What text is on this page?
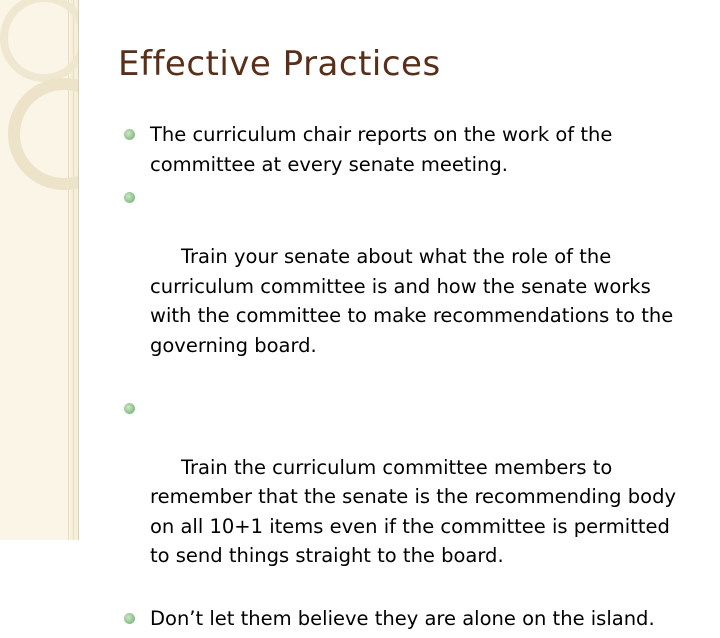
Effective Practices
The curriculum chair reports on the work of the committee at every senate meeting.

Train your senate about what the role of the curriculum committee is and how the senate works with the committee to make recommendations to the governing board.

Train the curriculum committee members to remember that the senate is the recommending body on all 10+1 items even if the committee is permitted to send things straight to the board.

Don’t let them believe they are alone on the island.
